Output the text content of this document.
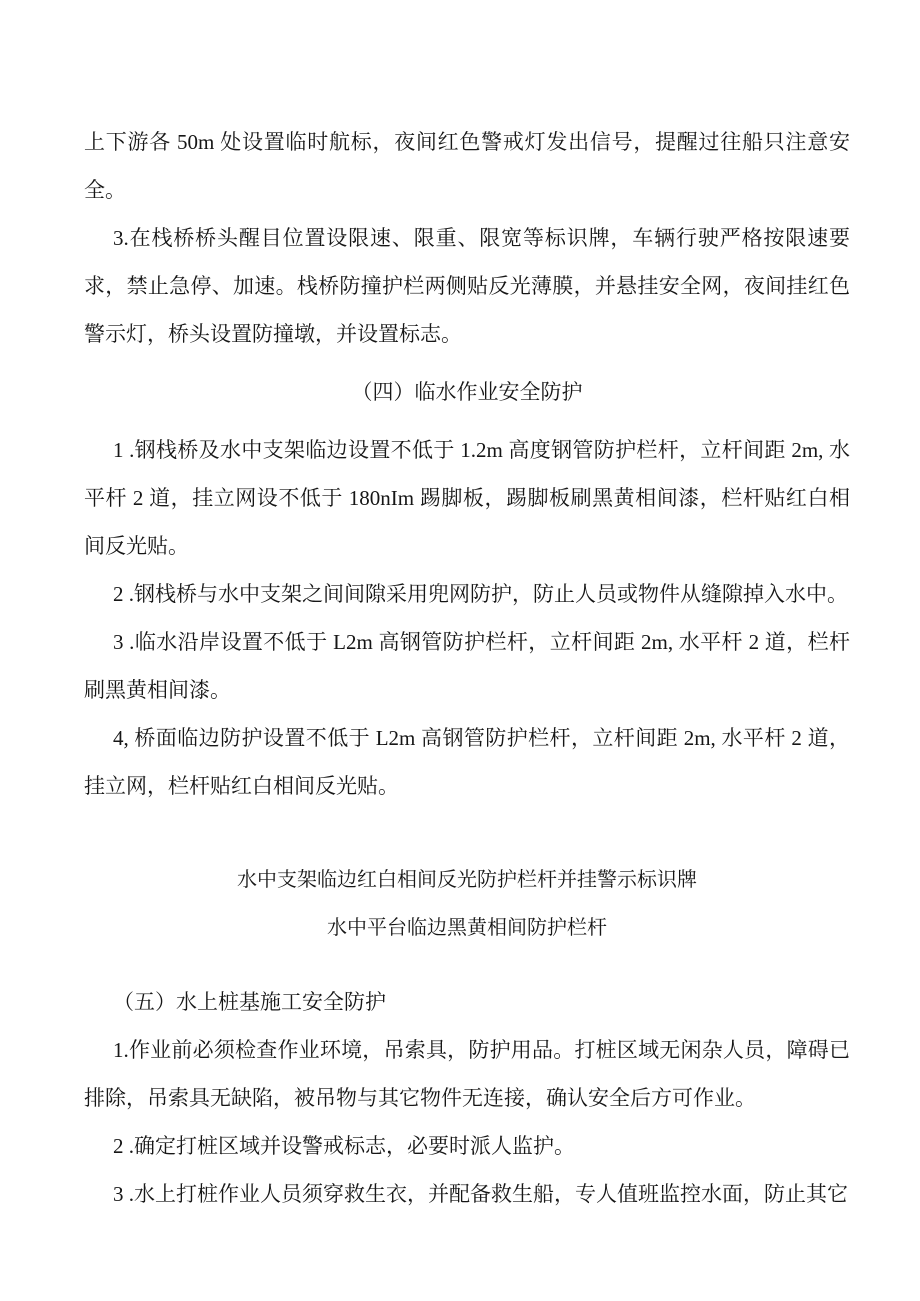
上下游各 50m 处设置临时航标，夜间红色警戒灯发出信号，提醒过往船只注意安全。

3.在栈桥桥头醒目位置设限速、限重、限宽等标识牌，车辆行驶严格按限速要求，禁止急停、加速。栈桥防撞护栏两侧贴反光薄膜，并悬挂安全网，夜间挂红色警示灯，桥头设置防撞墩，并设置标志。

（四）临水作业安全防护

1 .钢栈桥及水中支架临边设置不低于 1.2m 高度钢管防护栏杆，立杆间距 2m, 水平杆 2 道，挂立网设不低于 180nIm 踢脚板，踢脚板刷黑黄相间漆，栏杆贴红白相间反光贴。

2 .钢栈桥与水中支架之间间隙采用兜网防护，防止人员或物件从缝隙掉入水中。

3 .临水沿岸设置不低于 L2m 高钢管防护栏杆，立杆间距 2m, 水平杆 2 道，栏杆刷黑黄相间漆。

4, 桥面临边防护设置不低于 L2m 高钢管防护栏杆，立杆间距 2m, 水平杆 2 道，挂立网，栏杆贴红白相间反光贴。

水中支架临边红白相间反光防护栏杆并挂警示标识牌

水中平台临边黑黄相间防护栏杆

（五）水上桩基施工安全防护

1.作业前必须检查作业环境，吊索具，防护用品。打桩区域无闲杂人员，障碍已排除，吊索具无缺陷，被吊物与其它物件无连接，确认安全后方可作业。

2 .确定打桩区域并设警戒标志，必要时派人监护。

3 .水上打桩作业人员须穿救生衣，并配备救生船，专人值班监控水面，防止其它
